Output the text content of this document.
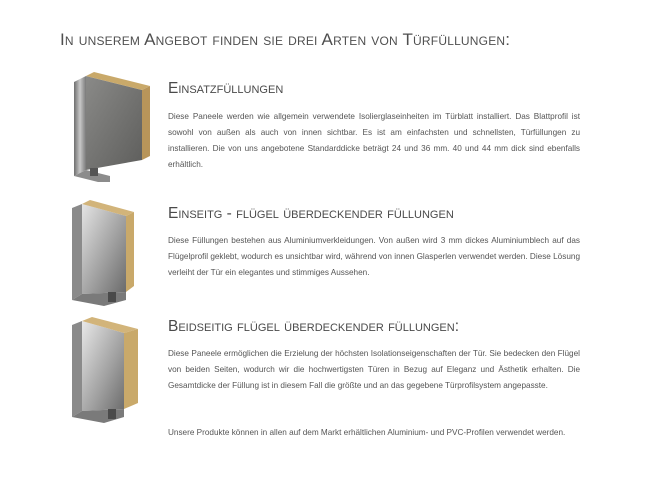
In unserem Angebot finden sie drei Arten von Türfüllungen:
Einsatzfüllungen
Diese Paneele werden wie allgemein verwendete Isolierglaseinheiten im Türblatt installiert. Das Blattprofil ist sowohl von außen als auch von innen sichtbar. Es ist am einfachsten und schnellsten, Türfüllungen zu installieren. Die von uns angebotene Standarddicke beträgt 24 und 36 mm. 40 und 44 mm dick sind ebenfalls erhältlich.
Einseitg - flügel überdeckender füllungen
Diese Füllungen bestehen aus Aluminiumverkleidungen. Von außen wird 3 mm dickes Aluminiumblech auf das Flügelprofil geklebt, wodurch es unsichtbar wird, während von innen Glasperlen verwendet werden. Diese Lösung verleiht der Tür ein elegantes und stimmiges Aussehen.
Beidseitig flügel überdeckender füllungen:
Diese Paneele ermöglichen die Erzielung der höchsten Isolationseigenschaften der Tür. Sie bedecken den Flügel von beiden Seiten, wodurch wir die hochwertigsten Türen in Bezug auf Eleganz und Ästhetik erhalten. Die Gesamtdicke der Füllung ist in diesem Fall die größte und an das gegebene Türprofilsystem angepasste.
Unsere Produkte können in allen auf dem Markt erhältlichen Aluminium- und PVC-Profilen verwendet werden.
